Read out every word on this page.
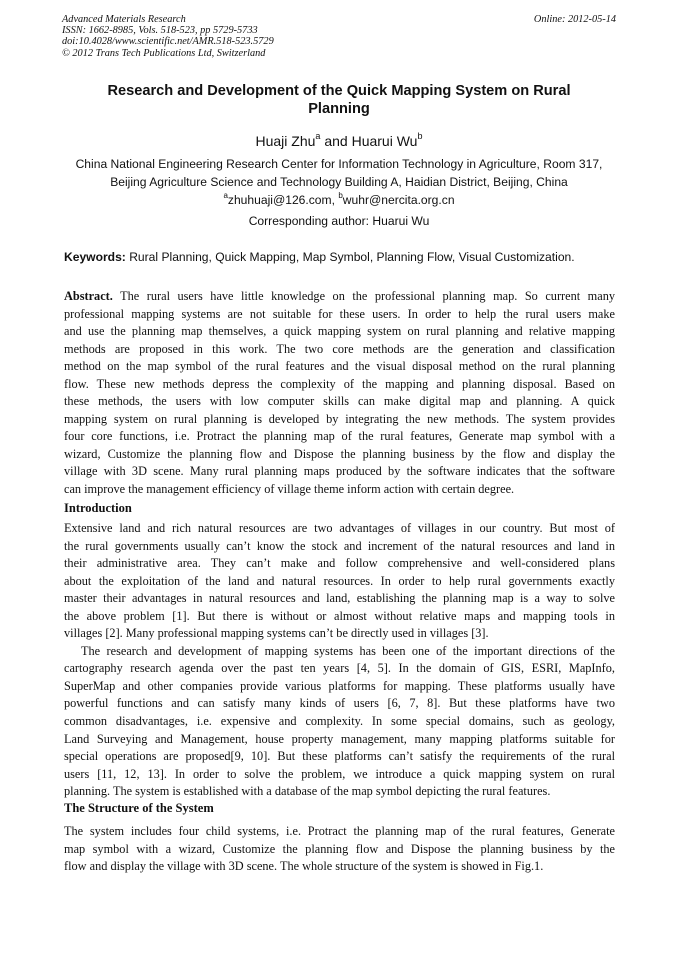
Advanced Materials Research
ISSN: 1662-8985, Vols. 518-523, pp 5729-5733
doi:10.4028/www.scientific.net/AMR.518-523.5729
© 2012 Trans Tech Publications Ltd, Switzerland
Online: 2012-05-14
Research and Development of the Quick Mapping System on Rural
Planning
Huaji Zhu$^a$ and Huarui Wu$^b$
China National Engineering Research Center for Information Technology in Agriculture, Room 317,
Beijing Agriculture Science and Technology Building A, Haidian District, Beijing, China
$^a$zhuhuaji@126.com, $^b$wuhr@nercita.org.cn
Corresponding author: Huarui Wu
Keywords: Rural Planning, Quick Mapping, Map Symbol, Planning Flow, Visual Customization.
Abstract. The rural users have little knowledge on the professional planning map. So current many
professional mapping systems are not suitable for these users. In order to help the rural users make
and use the planning map themselves, a quick mapping system on rural planning and relative mapping
methods are proposed in this work. The two core methods are the generation and classification
method on the map symbol of the rural features and the visual disposal method on the rural planning
flow. These new methods depress the complexity of the mapping and planning disposal. Based on
these methods, the users with low computer skills can make digital map and planning. A quick
mapping system on rural planning is developed by integrating the new methods. The system provides
four core functions, i.e. Protract the planning map of the rural features, Generate map symbol with a
wizard, Customize the planning flow and Dispose the planning business by the flow and display the
village with 3D scene. Many rural planning maps produced by the software indicates that the software
can improve the management efficiency of village theme inform action with certain degree.
Introduction
Extensive land and rich natural resources are two advantages of villages in our country. But most of
the rural governments usually can’t know the stock and increment of the natural resources and land in
their administrative area. They can’t make and follow comprehensive and well-considered plans
about the exploitation of the land and natural resources. In order to help rural governments exactly
master their advantages in natural resources and land, establishing the planning map is a way to solve
the above problem [1]. But there is without or almost without relative maps and mapping tools in
villages [2]. Many professional mapping systems can’t be directly used in villages [3].
The research and development of mapping systems has been one of the important directions of the
cartography research agenda over the past ten years [4, 5]. In the domain of GIS, ESRI, MapInfo,
SuperMap and other companies provide various platforms for mapping. These platforms usually have
powerful functions and can satisfy many kinds of users [6, 7, 8]. But these platforms have two
common disadvantages, i.e. expensive and complexity. In some special domains, such as geology,
Land Surveying and Management, house property management, many mapping platforms suitable for
special operations are proposed[9, 10]. But these platforms can’t satisfy the requirements of the rural
users [11, 12, 13]. In order to solve the problem, we introduce a quick mapping system on rural
planning. The system is established with a database of the map symbol depicting the rural features.
The Structure of the System
The system includes four child systems, i.e. Protract the planning map of the rural features, Generate
map symbol with a wizard, Customize the planning flow and Dispose the planning business by the
flow and display the village with 3D scene. The whole structure of the system is showed in Fig.1.
